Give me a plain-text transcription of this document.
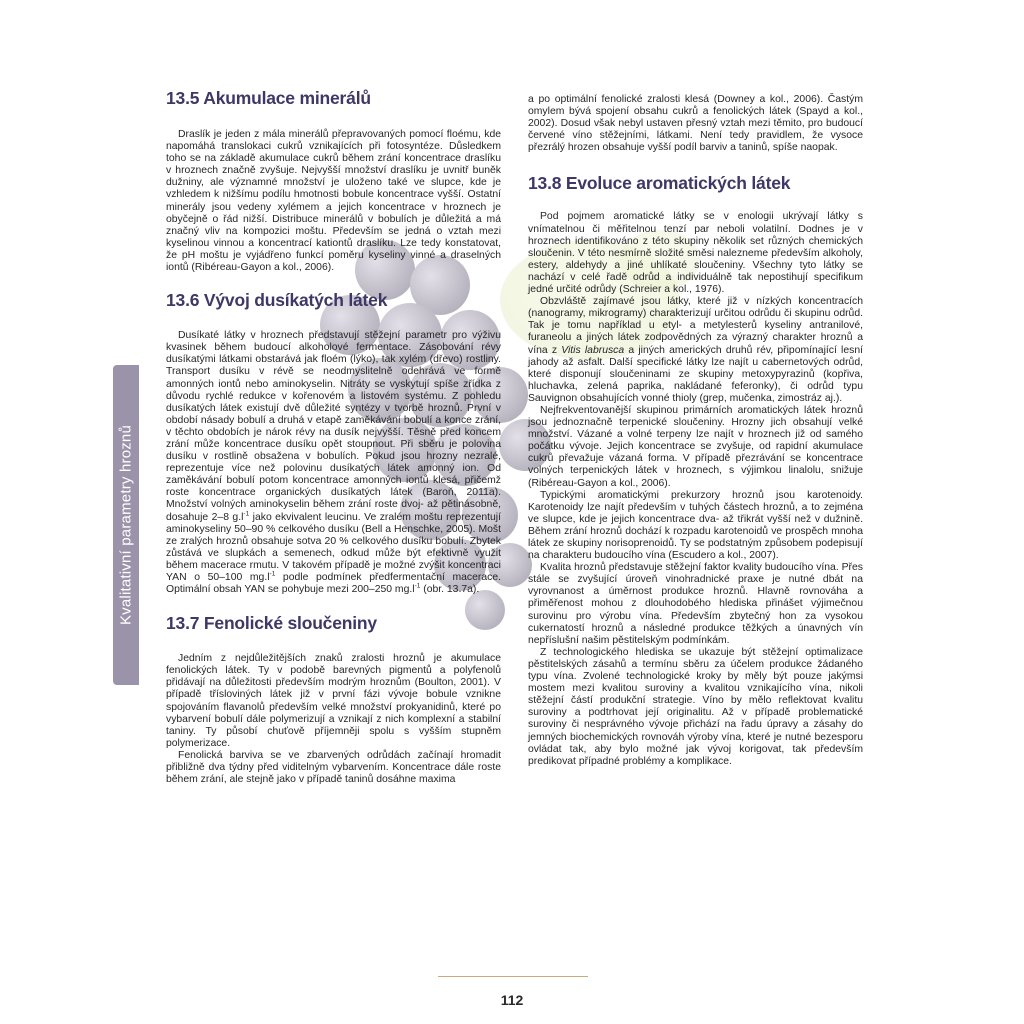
Kvalitativní parametry hroznů
13.5 Akumulace minerálů

Draslík je jeden z mála minerálů přepravovaných pomocí floému, kde napomáhá translokaci cukrů vznikajících při fotosyntéze. Důsledkem toho se na základě akumulace cukrů během zrání koncentrace draslíku v hroznech značně zvyšuje. Nejvyšší množství draslíku je uvnitř buněk dužniny, ale významné množství je uloženo také ve slupce, kde je vzhledem k nižšímu podílu hmotnosti bobule koncentrace vyšší. Ostatní minerály jsou vedeny xylémem a jejich koncentrace v hroznech je obyčejně o řád nižší. Distribuce minerálů v bobulích je důležitá a má značný vliv na kompozici moštu. Především se jedná o vztah mezi kyselinou vinnou a koncentrací kationtů draslíku. Lze tedy konstatovat, že pH moštu je vyjádřeno funkcí poměru kyseliny vinné a draselných iontů (Ribéreau-Gayon a kol., 2006).

13.6 Vývoj dusíkatých látek

Dusíkaté látky v hroznech představují stěžejní parametr pro výživu kvasinek během budoucí alkoholové fermentace. Zásobování révy dusíkatými látkami obstarává jak floém (lýko), tak xylém (dřevo) rostliny. Transport dusíku v révě se neodmyslitelně odehrává ve formě amonných iontů nebo aminokyselin. Nitráty se vyskytují spíše zřídka z důvodu rychlé redukce v kořenovém a listovém systému. Z pohledu dusíkatých látek existují dvě důležité syntézy v tvorbě hroznů. První v období násady bobulí a druhá v etapě zaměkávání bobulí a konce zrání, v těchto obdobích je nárok révy na dusík nejvyšší. Těsně před koncem zrání může koncentrace dusíku opět stoupnout. Při sběru je polovina dusíku v rostlině obsažena v bobulích. Pokud jsou hrozny nezralé, reprezentuje více než polovinu dusíkatých látek amonný ion. Od zaměkávání bobulí potom koncentrace amonných iontů klesá, přičemž roste koncentrace organických dusíkatých látek (Baroň, 2011a). Množství volných aminokyselin během zrání roste dvoj- až pětinásobně, dosahuje 2–8 $g.l^{-1}$ jako ekvivalent leucinu. Ve zralém moštu reprezentují aminokyseliny 50–90 % celkového dusíku (Bell a Henschke, 2005). Mošt ze zralých hroznů obsahuje sotva 20 % celkového dusíku bobulí. Zbytek zůstává ve slupkách a semenech, odkud může být efektivně využit během macerace rmutu. V takovém případě je možné zvýšit koncentraci YAN o 50–100 $mg.l^{-1}$ podle podmínek předfermentační macerace. Optimální obsah YAN se pohybuje mezi 200–250 $mg.l^{-1}$ (obr. 13.7a).

13.7 Fenolické sloučeniny

Jedním z nejdůležitějších znaků zralosti hroznů je akumulace fenolických látek. Ty v podobě barevných pigmentů a polyfenolů přidávají na důležitosti především modrým hroznům (Boulton, 2001). V případě třísloviných látek již v první fázi vývoje bobule vznikne spojováním flavanolů především velké množství prokyanidinů, které po vybarvení bobulí dále polymerizují a vznikají z nich komplexní a stabilní taniny. Ty působí chuťově příjemněji spolu s vyšším stupněm polymerizace.

Fenolická barviva se ve zbarvených odrůdách začínají hromadit přibližně dva týdny před viditelným vybarvením. Koncentrace dále roste během zrání, ale stejně jako v případě taninů dosáhne maxima

a po optimální fenolické zralosti klesá (Downey a kol., 2006). Častým omylem bývá spojení obsahu cukrů a fenolických látek (Spayd a kol., 2002). Dosud však nebyl ustaven přesný vztah mezi těmito, pro budoucí červené víno stěžejními, látkami. Není tedy pravidlem, že vysoce přezrálý hrozen obsahuje vyšší podíl barviv a taninů, spíše naopak.

13.8 Evoluce aromatických látek

Pod pojmem aromatické látky se v enologii ukrývají látky s vnímatelnou či měřitelnou tenzí par neboli volatilní. Dodnes je v hroznech identifikováno z této skupiny několik set různých chemických sloučenin. V této nesmírně složité směsi nalezneme především alkoholy, estery, aldehydy a jiné uhlíkaté sloučeniny. Všechny tyto látky se nachází v celé řadě odrůd a individuálně tak nepostihují specifikum jedné určité odrůdy (Schreier a kol., 1976).

Obzvláště zajímavé jsou látky, které již v nízkých koncentracích (nanogramy, mikrogramy) charakterizují určitou odrůdu či skupinu odrůd. Tak je tomu například u etyl- a metylesterů kyseliny antranilové, furaneolu a jiných látek zodpovědných za výrazný charakter hroznů a vína z Vitis labrusca a jiných amerických druhů rév, připomínající lesní jahody až asfalt. Další specifické látky lze najít u cabernetových odrůd, které disponují sloučeninami ze skupiny metoxypyrazinů (kopřiva, hluchavka, zelená paprika, nakládané feferonky), či odrůd typu Sauvignon obsahujících vonné thioly (grep, mučenka, zimostráz aj.).

Nejfrekventovanější skupinou primárních aromatických látek hroznů jsou jednoznačně terpenické sloučeniny. Hrozny jich obsahují velké množství. Vázané a volné terpeny lze najít v hroznech již od samého počátku vývoje. Jejich koncentrace se zvyšuje, od rapidní akumulace cukrů převažuje vázaná forma. V případě přezrávání se koncentrace volných terpenických látek v hroznech, s výjimkou linalolu, snižuje (Ribéreau-Gayon a kol., 2006).

Typickými aromatickými prekurzory hroznů jsou karotenoidy. Karotenoidy lze najít především v tuhých částech hroznů, a to zejména ve slupce, kde je jejich koncentrace dva- až třikrát vyšší než v dužnině. Během zrání hroznů dochází k rozpadu karotenoidů ve prospěch mnoha látek ze skupiny norisoprenoidů. Ty se podstatným způsobem podepisují na charakteru budoucího vína (Escudero a kol., 2007).

Kvalita hroznů představuje stěžejní faktor kvality budoucího vína. Přes stále se zvyšující úroveň vinohradnické praxe je nutné dbát na vyrovnanost a úměrnost produkce hroznů. Hlavně rovnováha a přiměřenost mohou z dlouhodobého hlediska přinášet výjimečnou surovinu pro výrobu vína. Především zbytečný hon za vysokou cukernatostí hroznů a následné produkce těžkých a únavných vín nepříslušní našim pěstitelským podmínkám.

Z technologického hlediska se ukazuje být stěžejní optimalizace pěstitelských zásahů a termínu sběru za účelem produkce žádaného typu vína. Zvolené technologické kroky by měly být pouze jakýmsi mostem mezi kvalitou suroviny a kvalitou vznikajícího vína, nikoli stěžejní částí produkční strategie. Víno by mělo reflektovat kvalitu suroviny a podtrhovat její originalitu. Až v případě problematické suroviny či nesprávného vývoje přichází na řadu úpravy a zásahy do jemných biochemických rovnováh výroby vína, které je nutné bezesporu ovládat tak, aby bylo možné jak vývoj korigovat, tak především predikovat případné problémy a komplikace.

112
